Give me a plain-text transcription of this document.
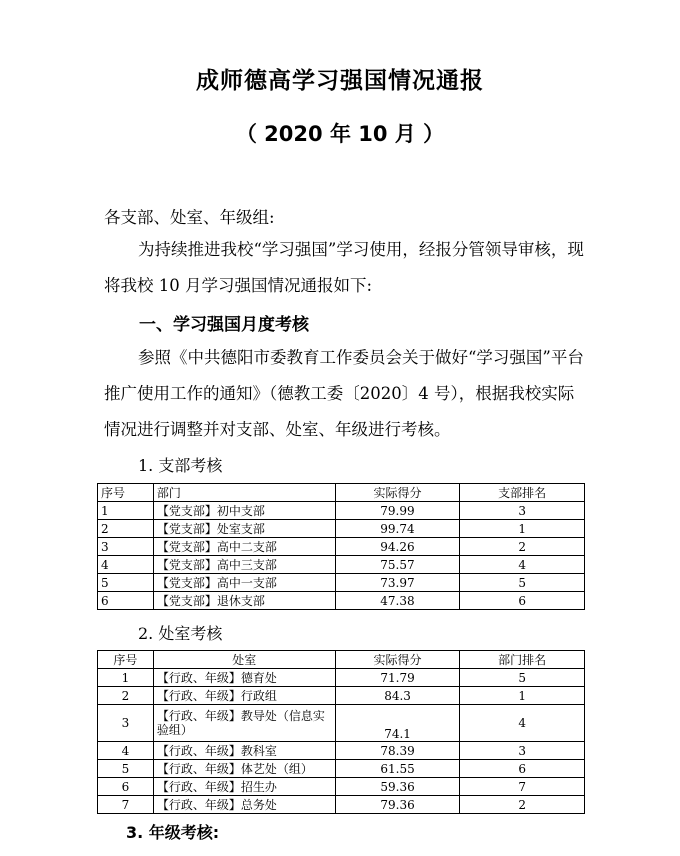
成师德高学习强国情况通报
（ 2020 年 10 月 ）
各支部、处室、年级组:
为持续推进我校“学习强国”学习使用，经报分管领导审核，现将我校 10 月学习强国情况通报如下:
一、学习强国月度考核
参照《中共德阳市委教育工作委员会关于做好“学习强国”平台推广使用工作的通知》（德教工委〔2020〕4 号），根据我校实际情况进行调整并对支部、处室、年级进行考核。
1. 支部考核
序号	部门	实际得分	支部排名
1	【党支部】初中支部	79.99	3
2	【党支部】处室支部	99.74	1
3	【党支部】高中二支部	94.26	2
4	【党支部】高中三支部	75.57	4
5	【党支部】高中一支部	73.97	5
6	【党支部】退休支部	47.38	6
2. 处室考核
序号	处室	实际得分	部门排名
1	【行政、年级】德育处	71.79	5
2	【行政、年级】行政组	84.3	1
3	【行政、年级】教导处（信息实验组）	74.1	4
4	【行政、年级】教科室	78.39	3
5	【行政、年级】体艺处（组）	61.55	6
6	【行政、年级】招生办	59.36	7
7	【行政、年级】总务处	79.36	2
3. 年级考核:
